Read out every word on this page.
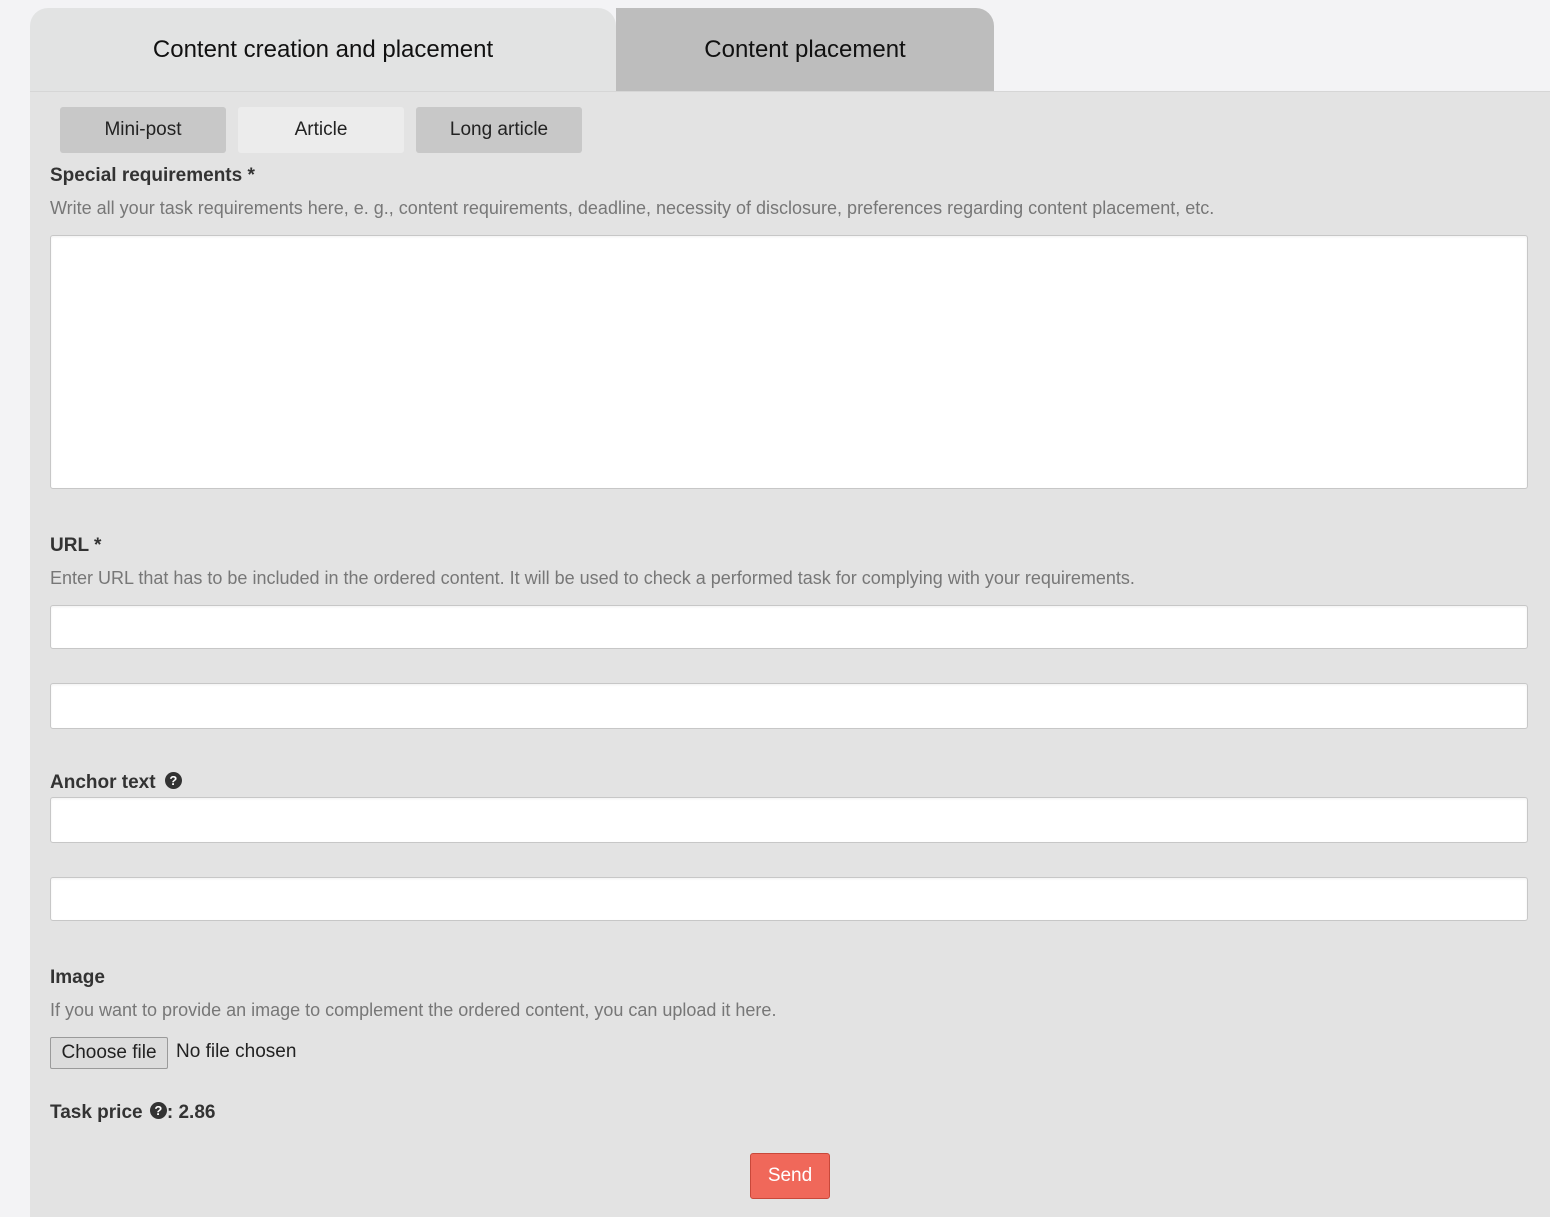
Content creation and placement	Content placement
Mini-post	Article	Long article
Special requirements *
Write all your task requirements here, e. g., content requirements, deadline, necessity of disclosure, preferences regarding content placement, etc.
URL *
Enter URL that has to be included in the ordered content. It will be used to check a performed task for complying with your requirements.
Anchor text ?
Image
If you want to provide an image to complement the ordered content, you can upload it here.
Choose file	No file chosen
Task price ? : 2.86
Send
